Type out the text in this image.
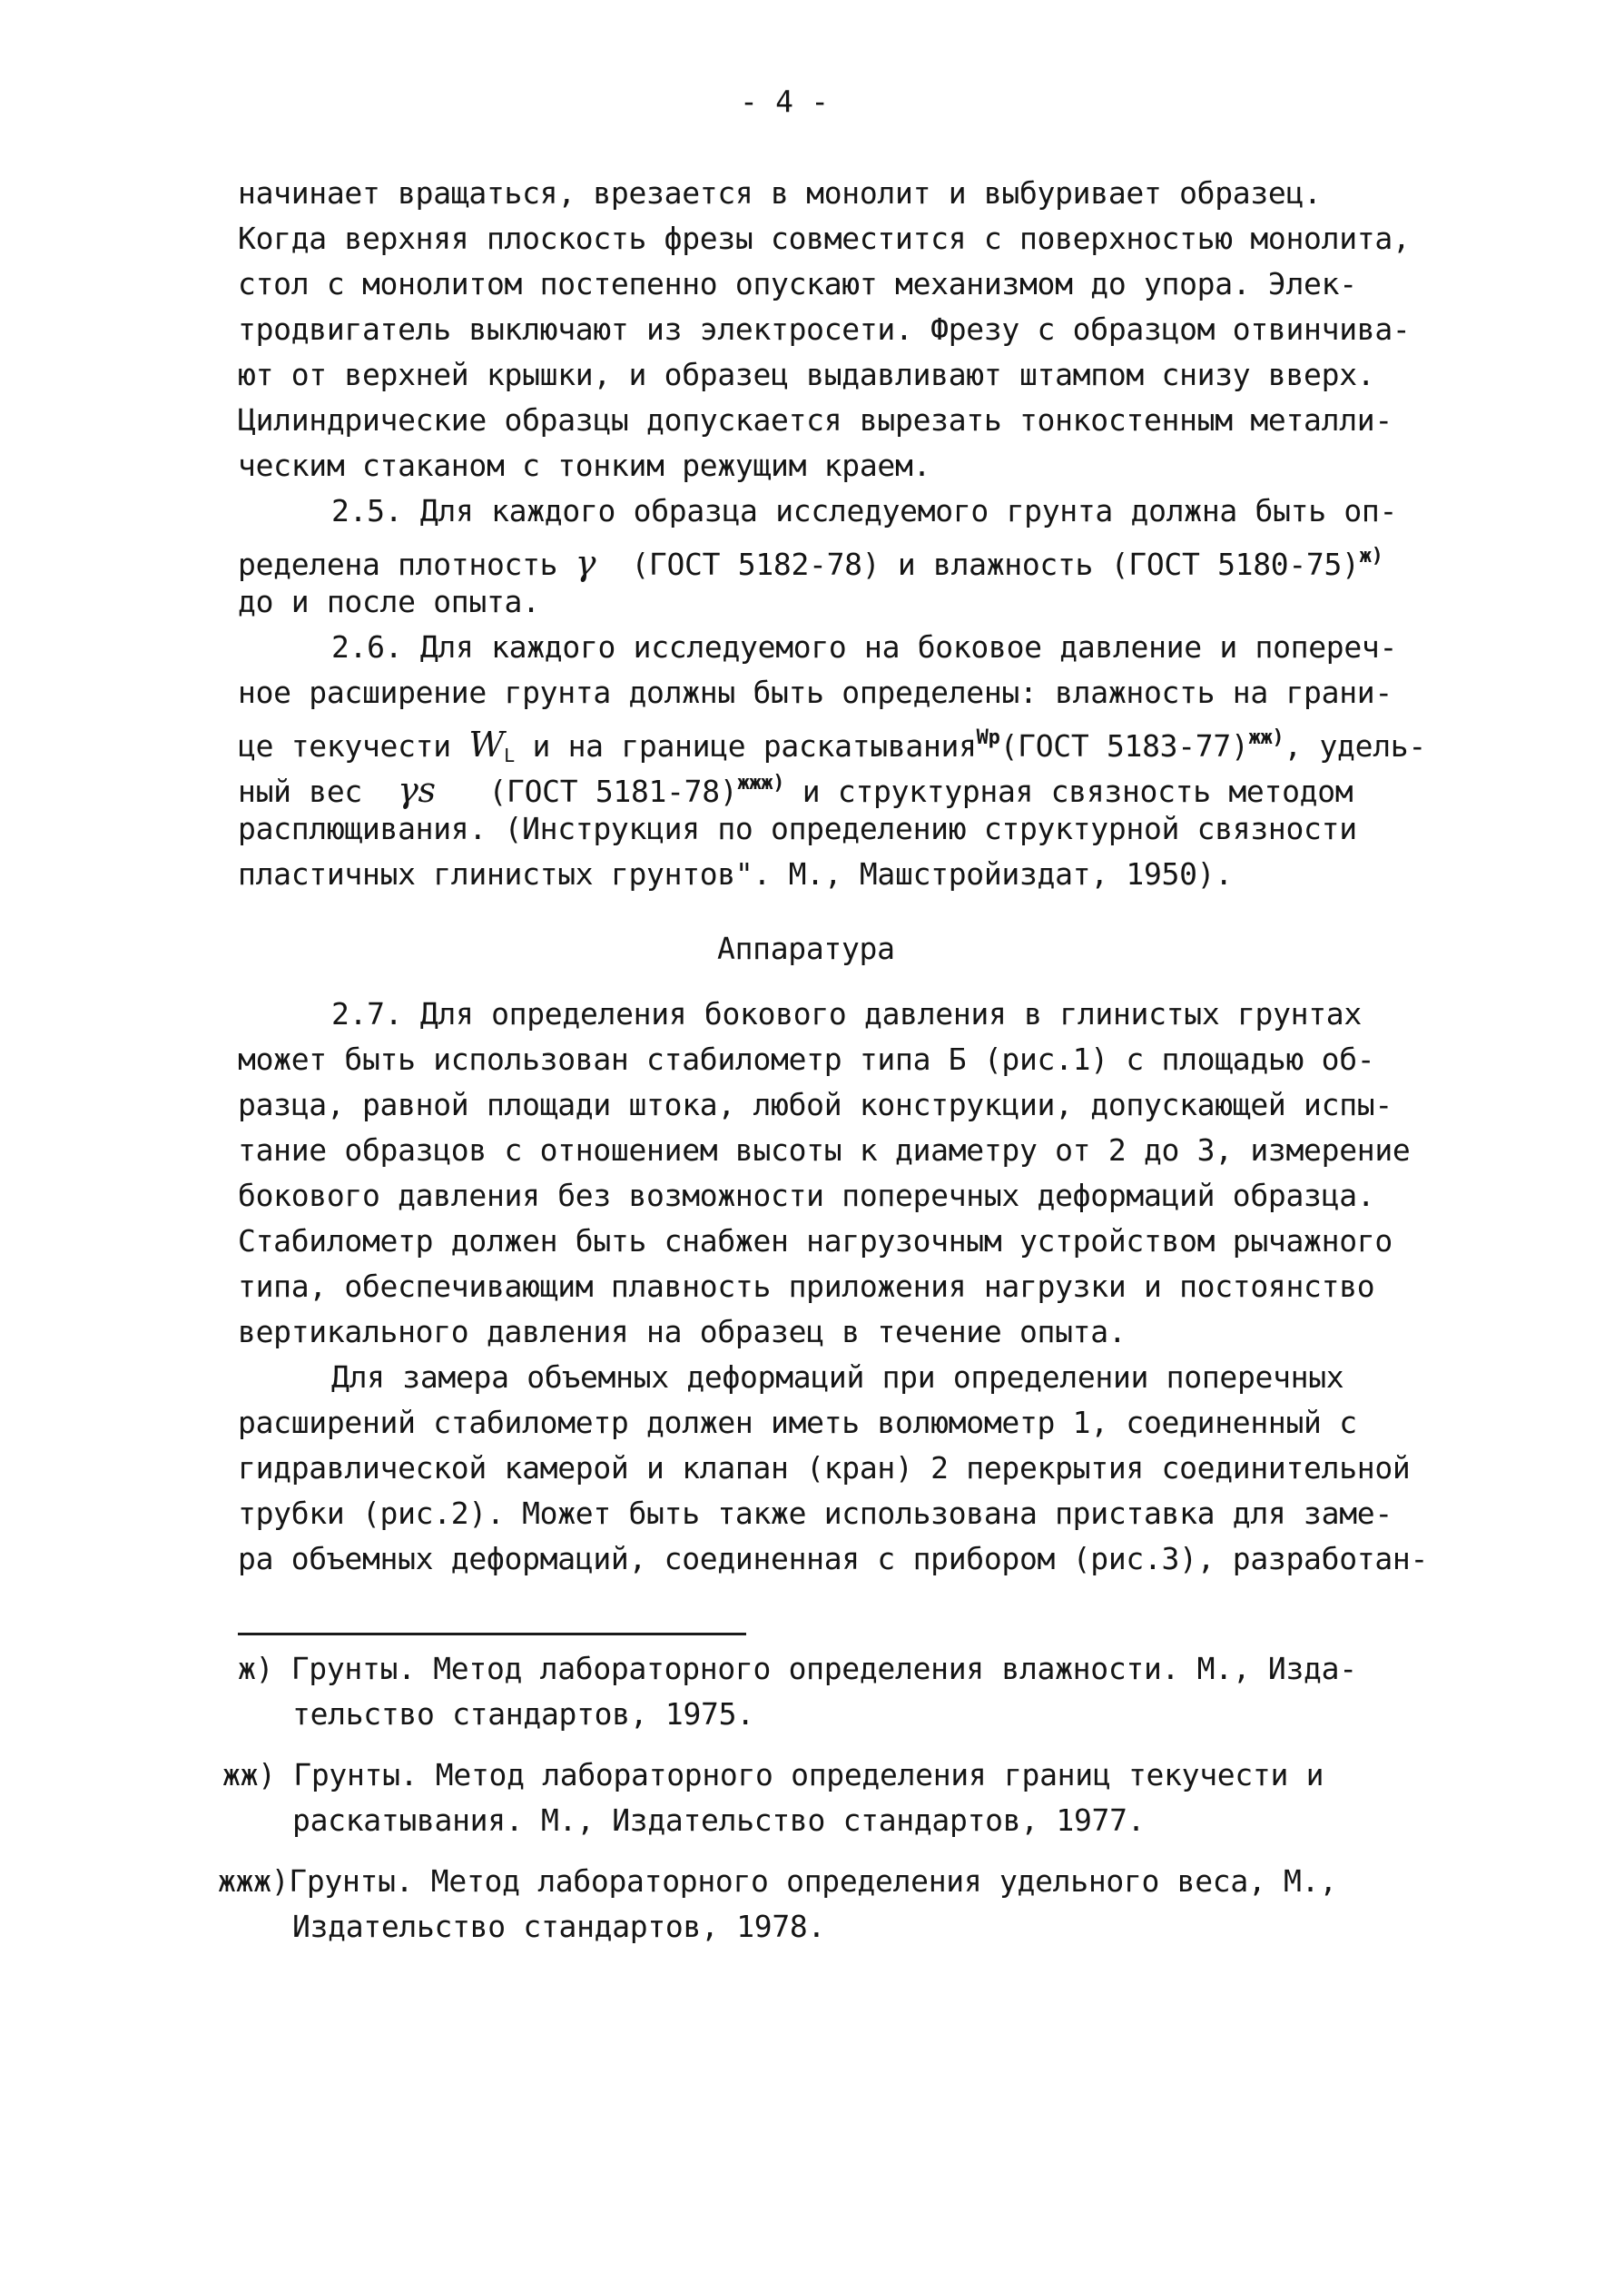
- 4 -
начинает вращаться, врезается в монолит и выбуривает образец.
Когда верхняя плоскость фрезы совместится с поверхностью монолита,
стол с монолитом постепенно опускают механизмом до упора. Элек-
тродвигатель выключают из электросети. Фрезу с образцом отвинчива-
ют от верхней крышки, и образец выдавливают штампом снизу вверх.
Цилиндрические образцы допускается вырезать тонкостенным металли-
ческим стаканом с тонким режущим краем.
2.5. Для каждого образца исследуемого грунта должна быть оп-
ределена плотность γ  (ГОСТ 5182-78) и влажность (ГОСТ 5180-75)$^{ж)}$
до и после опыта.
2.6. Для каждого исследуемого на боковое давление и попереч-
ное расширение грунта должны быть определены: влажность на грани-
це текучести $W_L$ и на границе раскатывания$^{Wp}$(ГОСТ 5183-77)$^{жж)}$, удель-
ный вес  γs   (ГОСТ 5181-78)$^{жжж)}$ и структурная связность методом
расплющивания. (Инструкция по определению структурной связности
пластичных глинистых грунтов". М., Машстройиздат, 1950).
Аппаратура
2.7. Для определения бокового давления в глинистых грунтах
может быть использован стабилометр типа Б (рис.1) с площадью об-
разца, равной площади штока, любой конструкции, допускающей испы-
тание образцов с отношением высоты к диаметру от 2 до 3, измерение
бокового давления без возможности поперечных деформаций образца.
Стабилометр должен быть снабжен нагрузочным устройством рычажного
типа, обеспечивающим плавность приложения нагрузки и постоянство
вертикального давления на образец в течение опыта.
Для замера объемных деформаций при определении поперечных
расширений стабилометр должен иметь волюмометр 1, соединенный с
гидравлической камерой и клапан (кран) 2 перекрытия соединительной
трубки (рис.2). Может быть также использована приставка для заме-
ра объемных деформаций, соединенная с прибором (рис.3), разработан-
ж) Грунты. Метод лабораторного определения влажности. М., Изда-
тельство стандартов, 1975.
жж) Грунты. Метод лабораторного определения границ текучести и
раскатывания. М., Издательство стандартов, 1977.
жжж)Грунты. Метод лабораторного определения удельного веса, М.,
Издательство стандартов, 1978.
